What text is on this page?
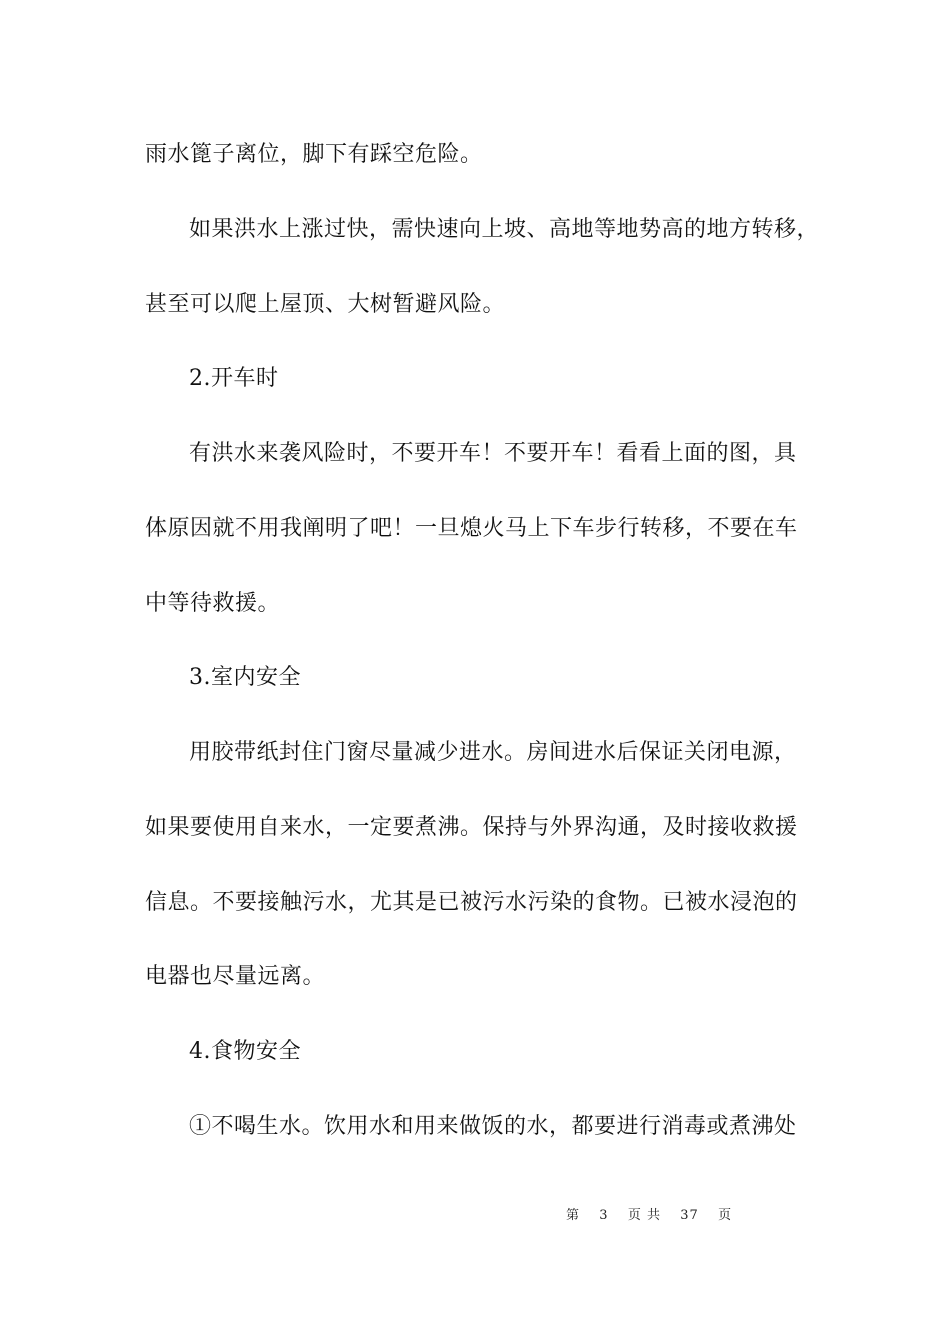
雨水篦子离位，脚下有踩空危险。
如果洪水上涨过快，需快速向上坡、高地等地势高的地方转移，
甚至可以爬上屋顶、大树暂避风险。
2.开车时
有洪水来袭风险时，不要开车！不要开车！看看上面的图，具
体原因就不用我阐明了吧！一旦熄火马上下车步行转移，不要在车
中等待救援。
3.室内安全
用胶带纸封住门窗尽量减少进水。房间进水后保证关闭电源，
如果要使用自来水，一定要煮沸。保持与外界沟通，及时接收救援
信息。不要接触污水，尤其是已被污水污染的食物。已被水浸泡的
电器也尽量远离。
4.食物安全
①不喝生水。饮用水和用来做饭的水，都要进行消毒或煮沸处
第 3 页 共 37 页
